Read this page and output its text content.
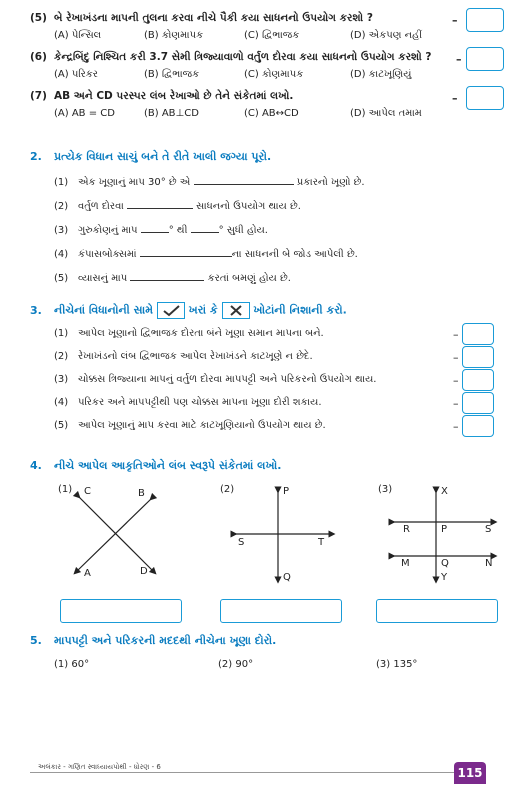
(5) બે રેખાખંડના માપની તુલના કરવા નીચે પૈકી કયા સાધનનો ઉપયોગ કરશો ?
(A) પેન્સિલ	(B) કોણમાપક	(C) દ્વિભાજક	(D) એકપણ નહીં
–
(6) કેન્દ્રબિંદુ નિશ્ચિત કરી 3.7 સેમી ત્રિજ્યાવાળો વર્તુળ દોરવા કયા સાધનનો ઉપયોગ કરશો ?
(A) પરિકર	(B) દ્વિભાજક	(C) કોણમાપક	(D) કાટખૂણિયું
–
(7) AB અને CD પરસ્પર લંબ રેખાઓ છે તેને સંકેતમાં લખો.
(A) AB = CD	(B) AB⊥CD	(C) AB↔CD	(D) આપેલ તમામ
–
2. પ્રત્યેક વિધાન સાચું બને તે રીતે ખાલી જગ્યા પૂરો.
(1) એક ખૂણાનું માપ 30° છે એ	પ્રકારનો ખૂણો છે.
(2) વર્તુળ દોરવા	સાધનનો ઉપયોગ થાય છે.
(3) ગુરુકોણનું માપ	° થી	° સુધી હોય.
(4) કંપાસબોક્સમાં	ના સાધનની બે જોડ આપેલી છે.
(5) વ્યાસનું માપ	કરતાં બમણું હોય છે.
3. નીચેનાં વિધાનોની સામે	ખરાં કે	ખોટાંની નિશાની કરો.
(1) આપેલ ખૂણાનો દ્વિભાજક દોરતા બંને ખૂણા સમાન માપના બને.
(2) રેખાખંડનો લંબ દ્વિભાજક આપેલ રેખાખંડને કાટખૂણે ન છેદે.
(3) ચોક્કસ ત્રિજ્યાના માપનું વર્તુળ દોરવા માપપટ્ટી અને પરિકરનો ઉપયોગ થાય.
(4) પરિકર અને માપપટ્ટીથી પણ ચોક્કસ માપના ખૂણા દોરી શકાય.
(5) આપેલ ખૂણાનું માપ કરવા માટે કાટખૂણિયાનો ઉપયોગ થાય છે.
–
–
–
–
–
4. નીચે આપેલ આકૃતિઓને લંબ સ્વરૂપે સંકેતમાં લખો.
(1) C	B
A	D
(2)	P
Q
S	T
(3)	X
R	P	S
M	Q	N
Y
5. માપપટ્ટી અને પરિકરની મદદથી નીચેના ખૂણા દોરો.
(1) 60°	(2) 90°	(3) 135°
અલંકાર - ગણિત સ્વાધ્યાયપોથી - ધોરણ - 6	115
